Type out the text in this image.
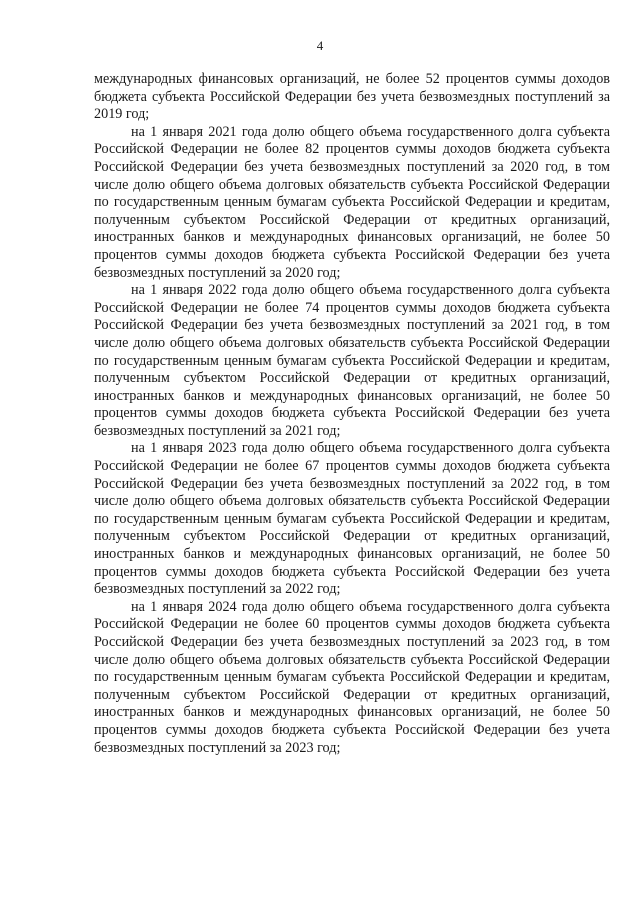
4

международных финансовых организаций, не более 52 процентов суммы доходов бюджета субъекта Российской Федерации без учета безвозмездных поступлений за 2019 год;

на 1 января 2021 года долю общего объема государственного долга субъекта Российской Федерации не более 82 процентов суммы доходов бюджета субъекта Российской Федерации без учета безвозмездных поступлений за 2020 год, в том числе долю общего объема долговых обязательств субъекта Российской Федерации по государственным ценным бумагам субъекта Российской Федерации и кредитам, полученным субъектом Российской Федерации от кредитных организаций, иностранных банков и международных финансовых организаций, не более 50 процентов суммы доходов бюджета субъекта Российской Федерации без учета безвозмездных поступлений за 2020 год;

на 1 января 2022 года долю общего объема государственного долга субъекта Российской Федерации не более 74 процентов суммы доходов бюджета субъекта Российской Федерации без учета безвозмездных поступлений за 2021 год, в том числе долю общего объема долговых обязательств субъекта Российской Федерации по государственным ценным бумагам субъекта Российской Федерации и кредитам, полученным субъектом Российской Федерации от кредитных организаций, иностранных банков и международных финансовых организаций, не более 50 процентов суммы доходов бюджета субъекта Российской Федерации без учета безвозмездных поступлений за 2021 год;

на 1 января 2023 года долю общего объема государственного долга субъекта Российской Федерации не более 67 процентов суммы доходов бюджета субъекта Российской Федерации без учета безвозмездных поступлений за 2022 год, в том числе долю общего объема долговых обязательств субъекта Российской Федерации по государственным ценным бумагам субъекта Российской Федерации и кредитам, полученным субъектом Российской Федерации от кредитных организаций, иностранных банков и международных финансовых организаций, не более 50 процентов суммы доходов бюджета субъекта Российской Федерации без учета безвозмездных поступлений за 2022 год;

на 1 января 2024 года долю общего объема государственного долга субъекта Российской Федерации не более 60 процентов суммы доходов бюджета субъекта Российской Федерации без учета безвозмездных поступлений за 2023 год, в том числе долю общего объема долговых обязательств субъекта Российской Федерации по государственным ценным бумагам субъекта Российской Федерации и кредитам, полученным субъектом Российской Федерации от кредитных организаций, иностранных банков и международных финансовых организаций, не более 50 процентов суммы доходов бюджета субъекта Российской Федерации без учета безвозмездных поступлений за 2023 год;
